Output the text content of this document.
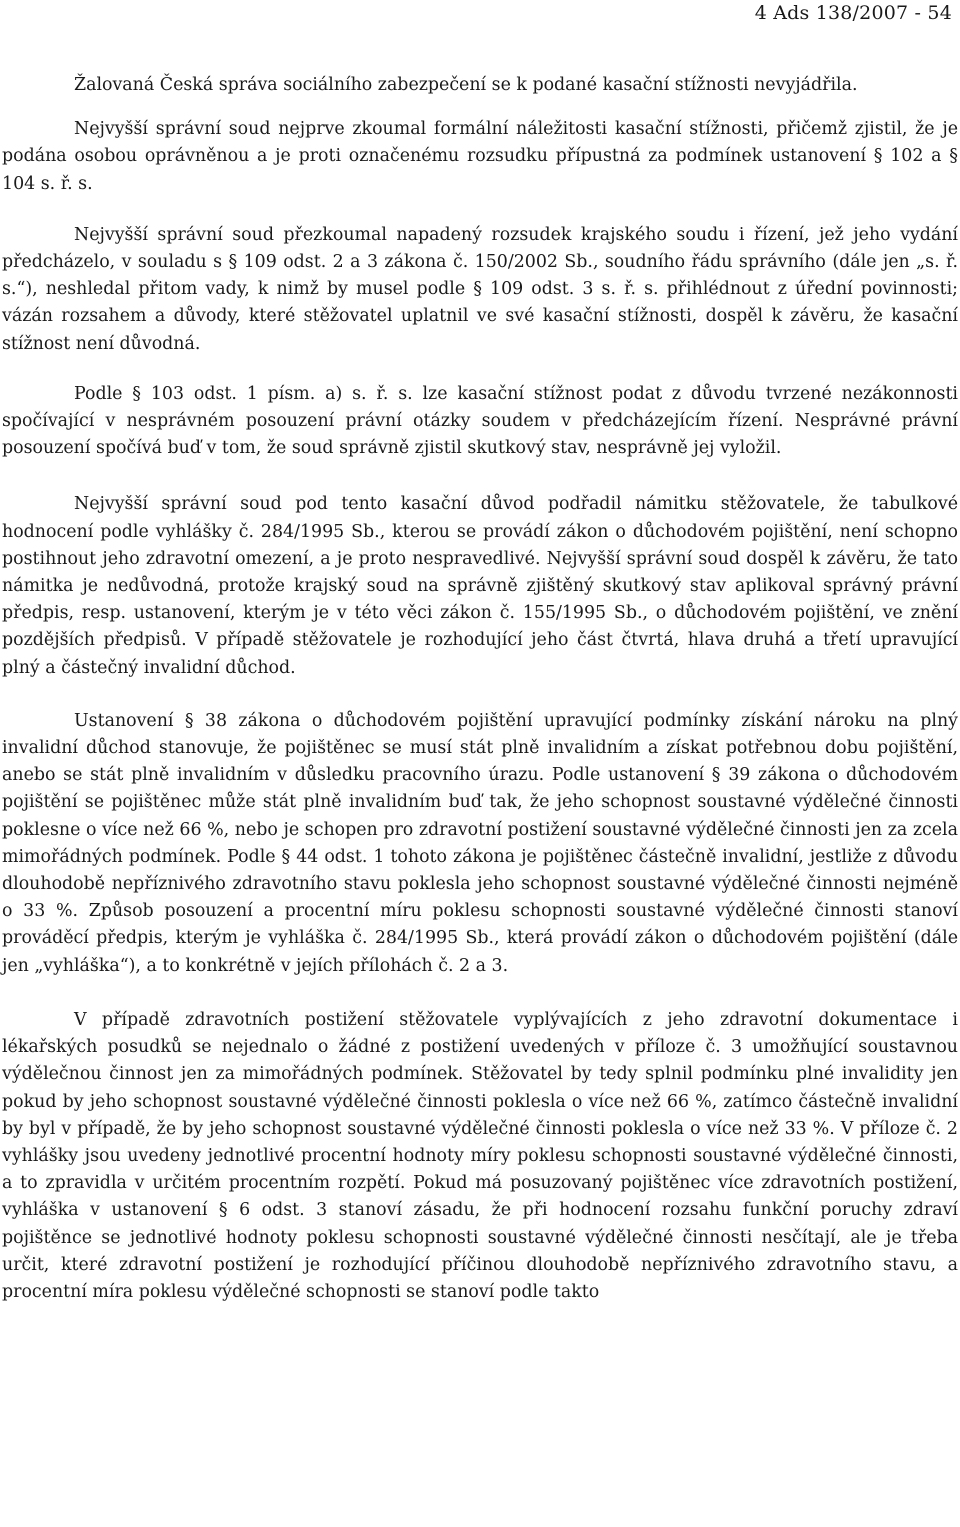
4 Ads 138/2007 - 54

Žalovaná Česká správa sociálního zabezpečení se k podané kasační stížnosti nevyjádřila.

Nejvyšší správní soud nejprve zkoumal formální náležitosti kasační stížnosti, přičemž zjistil, že je podána osobou oprávněnou a je proti označenému rozsudku přípustná za podmínek ustanovení § 102 a § 104 s. ř. s.

Nejvyšší správní soud přezkoumal napadený rozsudek krajského soudu i řízení, jež jeho vydání předcházelo, v souladu s § 109 odst. 2 a 3 zákona č. 150/2002 Sb., soudního řádu správního (dále jen „s. ř. s.“), neshledal přitom vady, k nimž by musel podle § 109 odst. 3 s. ř. s. přihlédnout z úřední povinnosti; vázán rozsahem a důvody, které stěžovatel uplatnil ve své kasační stížnosti, dospěl k závěru, že kasační stížnost není důvodná.

Podle § 103 odst. 1 písm. a) s. ř. s. lze kasační stížnost podat z důvodu tvrzené nezákonnosti spočívající v nesprávném posouzení právní otázky soudem v předcházejícím řízení. Nesprávné právní posouzení spočívá buď v tom, že soud správně zjistil skutkový stav, nesprávně jej vyložil.

Nejvyšší správní soud pod tento kasační důvod podřadil námitku stěžovatele, že tabulkové hodnocení podle vyhlášky č. 284/1995 Sb., kterou se provádí zákon o důchodovém pojištění, není schopno postihnout jeho zdravotní omezení, a je proto nespravedlivé. Nejvyšší správní soud dospěl k závěru, že tato námitka je nedůvodná, protože krajský soud na správně zjištěný skutkový stav aplikoval správný právní předpis, resp. ustanovení, kterým je v této věci zákon č. 155/1995 Sb., o důchodovém pojištění, ve znění pozdějších předpisů. V případě stěžovatele je rozhodující jeho část čtvrtá, hlava druhá a třetí upravující plný a částečný invalidní důchod.

Ustanovení § 38 zákona o důchodovém pojištění upravující podmínky získání nároku na plný invalidní důchod stanovuje, že pojištěnec se musí stát plně invalidním a získat potřebnou dobu pojištění, anebo se stát plně invalidním v důsledku pracovního úrazu. Podle ustanovení § 39 zákona o důchodovém pojištění se pojištěnec může stát plně invalidním buď tak, že jeho schopnost soustavné výdělečné činnosti poklesne o více než 66 %, nebo je schopen pro zdravotní postižení soustavné výdělečné činnosti jen za zcela mimořádných podmínek. Podle § 44 odst. 1 tohoto zákona je pojištěnec částečně invalidní, jestliže z důvodu dlouhodobě nepříznivého zdravotního stavu poklesla jeho schopnost soustavné výdělečné činnosti nejméně o 33 %. Způsob posouzení a procentní míru poklesu schopnosti soustavné výdělečné činnosti stanoví prováděcí předpis, kterým je vyhláška č. 284/1995 Sb., která provádí zákon o důchodovém pojištění (dále jen „vyhláška“), a to konkrétně v jejích přílohách č. 2 a 3.

V případě zdravotních postižení stěžovatele vyplývajících z jeho zdravotní dokumentace i lékařských posudků se nejednalo o žádné z postižení uvedených v příloze č. 3 umožňující soustavnou výdělečnou činnost jen za mimořádných podmínek. Stěžovatel by tedy splnil podmínku plné invalidity jen pokud by jeho schopnost soustavné výdělečné činnosti poklesla o více než 66 %, zatímco částečně invalidní by byl v případě, že by jeho schopnost soustavné výdělečné činnosti poklesla o více než 33 %. V příloze č. 2 vyhlášky jsou uvedeny jednotlivé procentní hodnoty míry poklesu schopnosti soustavné výdělečné činnosti, a to zpravidla v určitém procentním rozpětí. Pokud má posuzovaný pojištěnec více zdravotních postižení, vyhláška v ustanovení § 6 odst. 3 stanoví zásadu, že při hodnocení rozsahu funkční poruchy zdraví pojištěnce se jednotlivé hodnoty poklesu schopnosti soustavné výdělečné činnosti nesčítají, ale je třeba určit, které zdravotní postižení je rozhodující příčinou dlouhodobě nepříznivého zdravotního stavu, a procentní míra poklesu výdělečné schopnosti se stanoví podle takto
